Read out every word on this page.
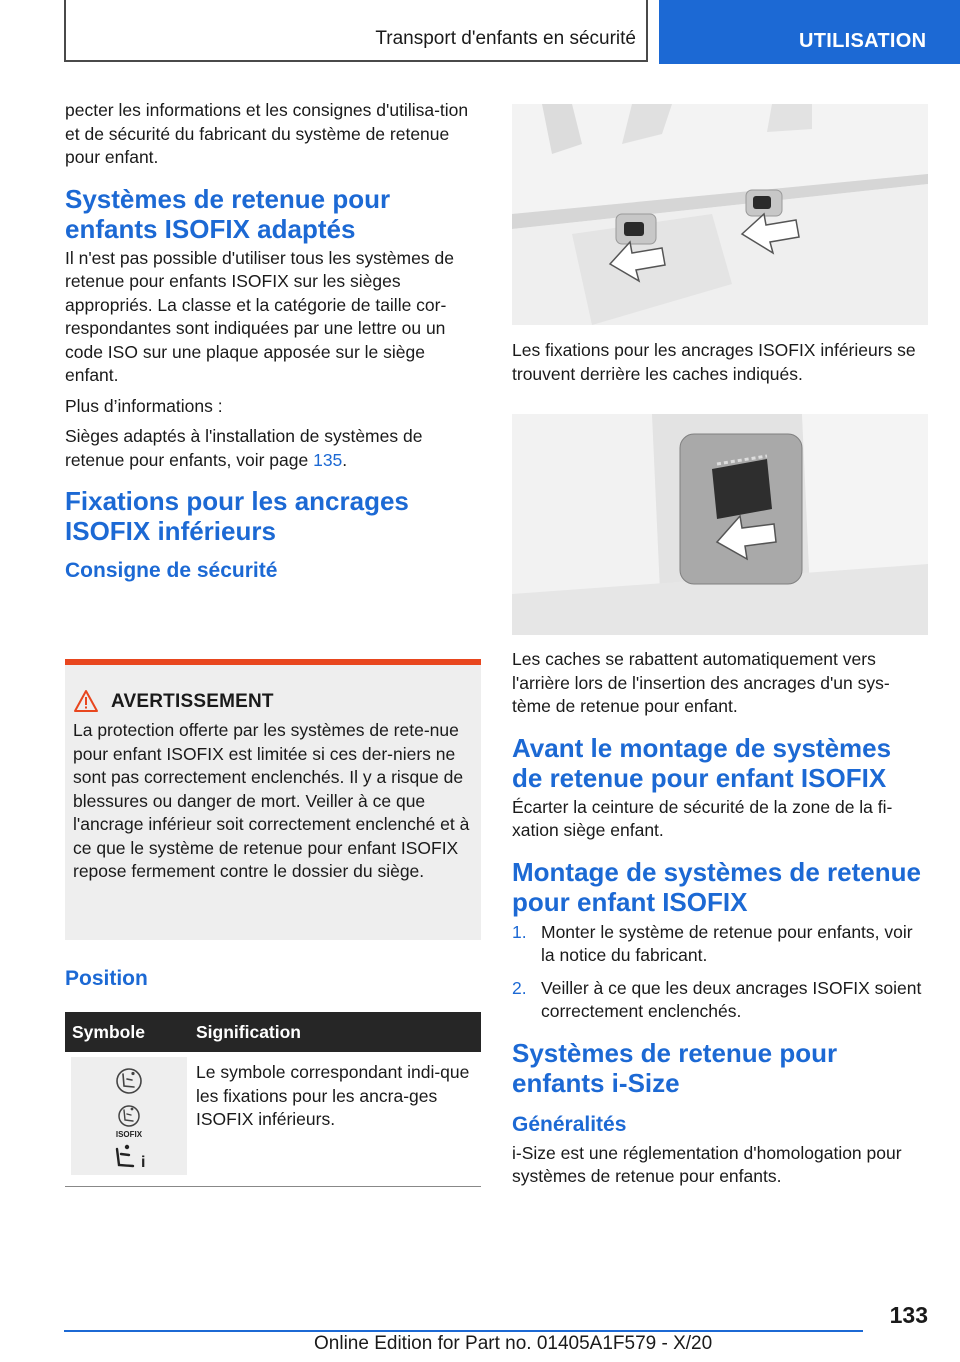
Transport d'enfants en sécurité	UTILISATION

pecter les informations et les consignes d'utilisa-tion et de sécurité du fabricant du système de retenue pour enfant.

Systèmes de retenue pour enfants ISOFIX adaptés

Il n'est pas possible d'utiliser tous les systèmes de retenue pour enfants ISOFIX sur les sièges appropriés. La classe et la catégorie de taille cor-respondantes sont indiquées par une lettre ou un code ISO sur une plaque apposée sur le siège enfant.

Plus d’informations :

Sièges adaptés à l'installation de systèmes de retenue pour enfants, voir page 135.

Fixations pour les ancrages ISOFIX inférieurs
Consigne de sécurité
AVERTISSEMENT
La protection offerte par les systèmes de rete-nue pour enfant ISOFIX est limitée si ces der-niers ne sont pas correctement enclenchés. Il y a risque de blessures ou danger de mort. Veiller à ce que l'ancrage inférieur soit correctement enclenché et à ce que le système de retenue pour enfant ISOFIX repose fermement contre le dossier du siège.
Position
Symbole	Signification
ISOFIX
i
Le symbole correspondant indi-que les fixations pour les ancra-ges ISOFIX inférieurs.

Les fixations pour les ancrages ISOFIX inférieurs se trouvent derrière les caches indiqués.

Les caches se rabattent automatiquement vers l'arrière lors de l'insertion des ancrages d'un sys-tème de retenue pour enfant.

Avant le montage de systèmes de retenue pour enfant ISOFIX

Écarter la ceinture de sécurité de la zone de la fi-xation siège enfant.

Montage de systèmes de retenue pour enfant ISOFIX
1. Monter le système de retenue pour enfants, voir la notice du fabricant.
2. Veiller à ce que les deux ancrages ISOFIX soient correctement enclenchés.
Systèmes de retenue pour enfants i-Size
Généralités

i-Size est une réglementation d'homologation pour systèmes de retenue pour enfants.

133
Online Edition for Part no. 01405A1F579 - X/20
